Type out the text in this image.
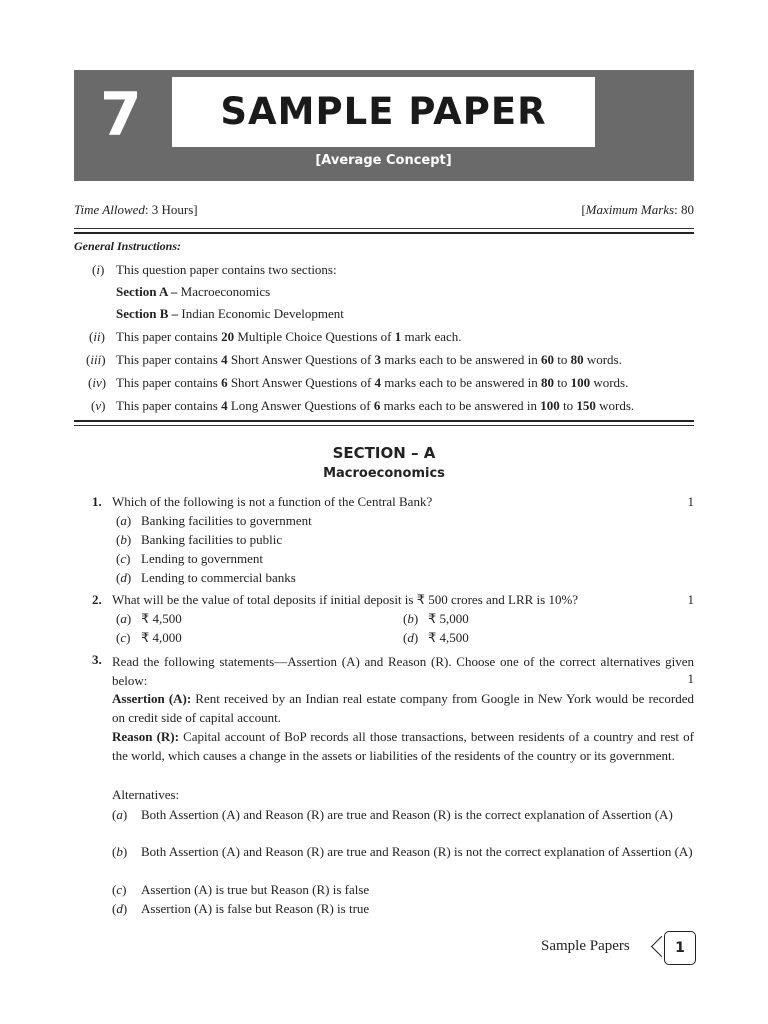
7	SAMPLE PAPER
[Average Concept]
Time Allowed: 3 Hours]	[Maximum Marks: 80
General Instructions:
(i) This question paper contains two sections:
Section A – Macroeconomics
Section B – Indian Economic Development
(ii) This paper contains 20 Multiple Choice Questions of 1 mark each.
(iii) This paper contains 4 Short Answer Questions of 3 marks each to be answered in 60 to 80 words.
(iv) This paper contains 6 Short Answer Questions of 4 marks each to be answered in 80 to 100 words.
(v) This paper contains 4 Long Answer Questions of 6 marks each to be answered in 100 to 150 words.
SECTION – A
Macroeconomics
1. Which of the following is not a function of the Central Bank?	1
(a) Banking facilities to government
(b) Banking facilities to public
(c) Lending to government
(d) Lending to commercial banks
2. What will be the value of total deposits if initial deposit is ₹ 500 crores and LRR is 10%?	1
(a) ₹ 4,500	(b) ₹ 5,000
(c) ₹ 4,000	(d) ₹ 4,500
3. Read the following statements—Assertion (A) and Reason (R). Choose one of the correct alternatives given below:	1
Assertion (A): Rent received by an Indian real estate company from Google in New York would be recorded on credit side of capital account.
Reason (R): Capital account of BoP records all those transactions, between residents of a country and rest of the world, which causes a change in the assets or liabilities of the residents of the country or its government.
Alternatives:
(a) Both Assertion (A) and Reason (R) are true and Reason (R) is the correct explanation of Assertion (A)
(b) Both Assertion (A) and Reason (R) are true and Reason (R) is not the correct explanation of Assertion (A)
(c) Assertion (A) is true but Reason (R) is false
(d) Assertion (A) is false but Reason (R) is true
Sample Papers	1
